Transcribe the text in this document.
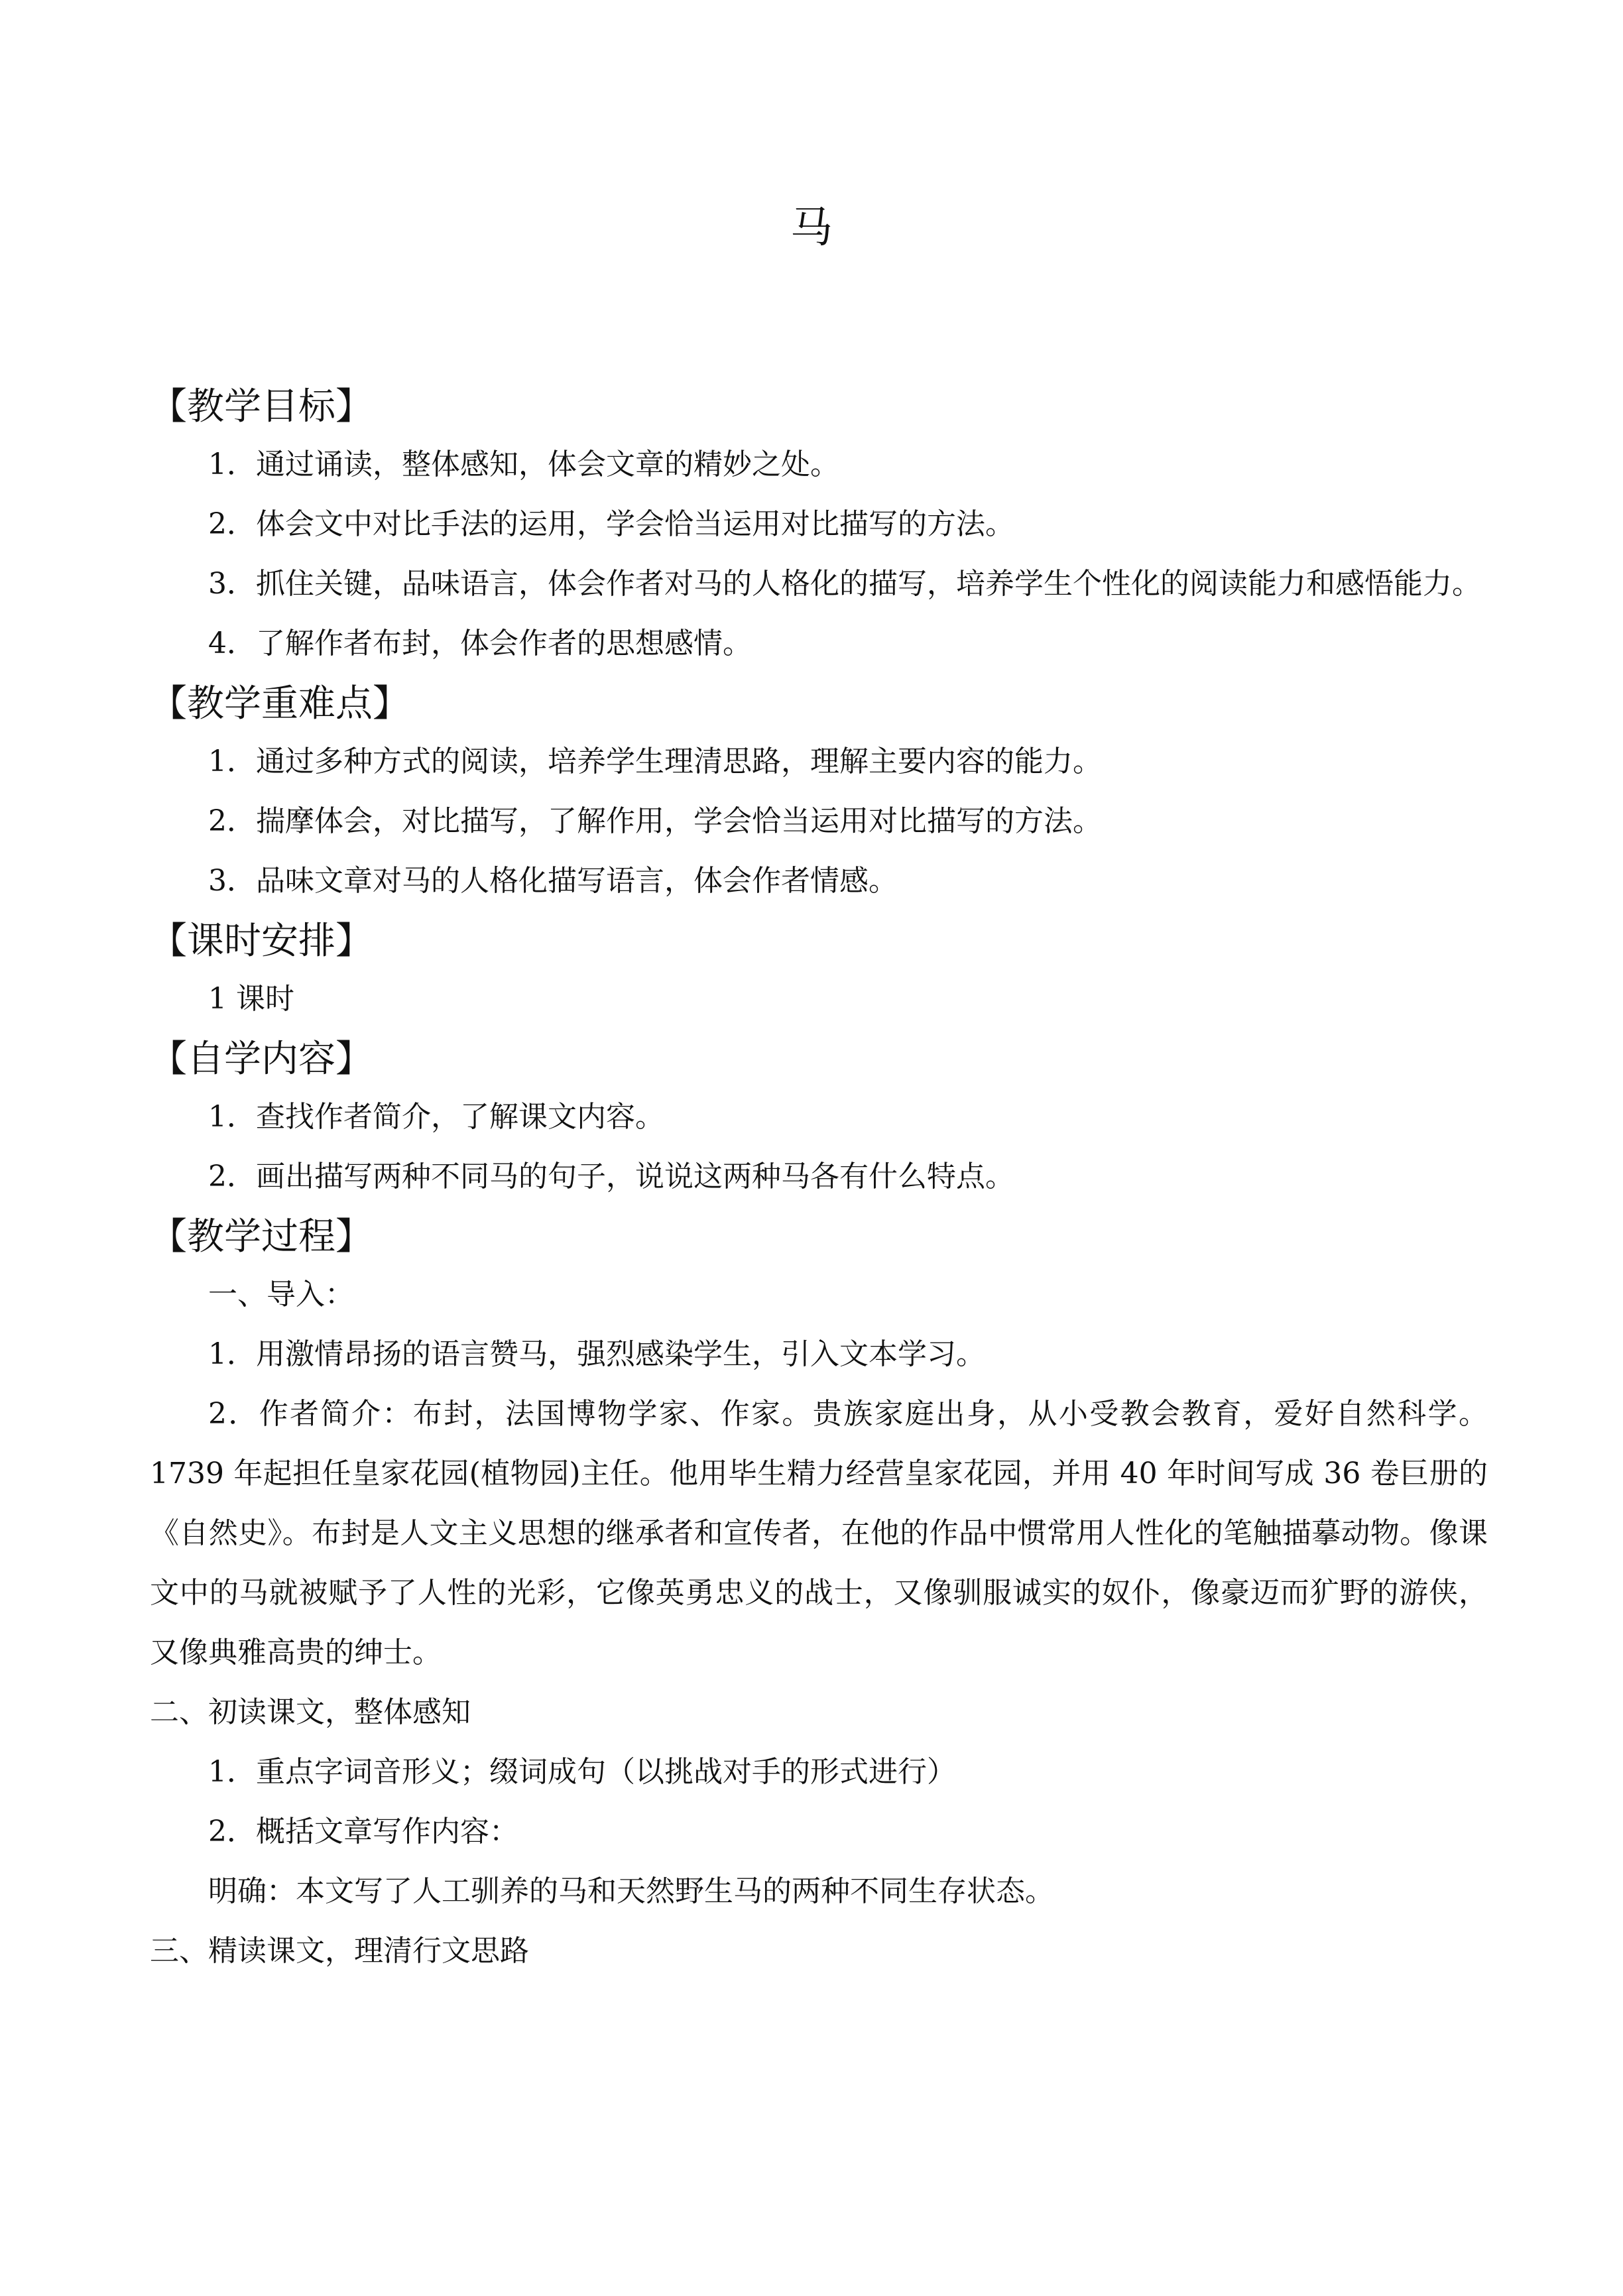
马
【教学目标】

1．通过诵读，整体感知，体会文章的精妙之处。

2．体会文中对比手法的运用，学会恰当运用对比描写的方法。

3．抓住关键，品味语言，体会作者对马的人格化的描写，培养学生个性化的阅读能力和感悟能力。

4．了解作者布封，体会作者的思想感情。

【教学重难点】

1．通过多种方式的阅读，培养学生理清思路，理解主要内容的能力。

2．揣摩体会，对比描写，了解作用，学会恰当运用对比描写的方法。

3．品味文章对马的人格化描写语言，体会作者情感。

【课时安排】

1 课时

【自学内容】

1．查找作者简介，了解课文内容。

2．画出描写两种不同马的句子，说说这两种马各有什么特点。

【教学过程】

一、导入：

1．用激情昂扬的语言赞马，强烈感染学生，引入文本学习。

2．作者简介：布封，法国博物学家、作家。贵族家庭出身，从小受教会教育，爱好自然科学。1739 年起担任皇家花园(植物园)主任。他用毕生精力经营皇家花园，并用 40 年时间写成 36 卷巨册的《自然史》。布封是人文主义思想的继承者和宣传者，在他的作品中惯常用人性化的笔触描摹动物。像课文中的马就被赋予了人性的光彩，它像英勇忠义的战士，又像驯服诚实的奴仆，像豪迈而犷野的游侠，又像典雅高贵的绅士。

二、初读课文，整体感知

1．重点字词音形义；缀词成句（以挑战对手的形式进行）

2．概括文章写作内容：

明确：本文写了人工驯养的马和天然野生马的两种不同生存状态。

三、精读课文，理清行文思路
